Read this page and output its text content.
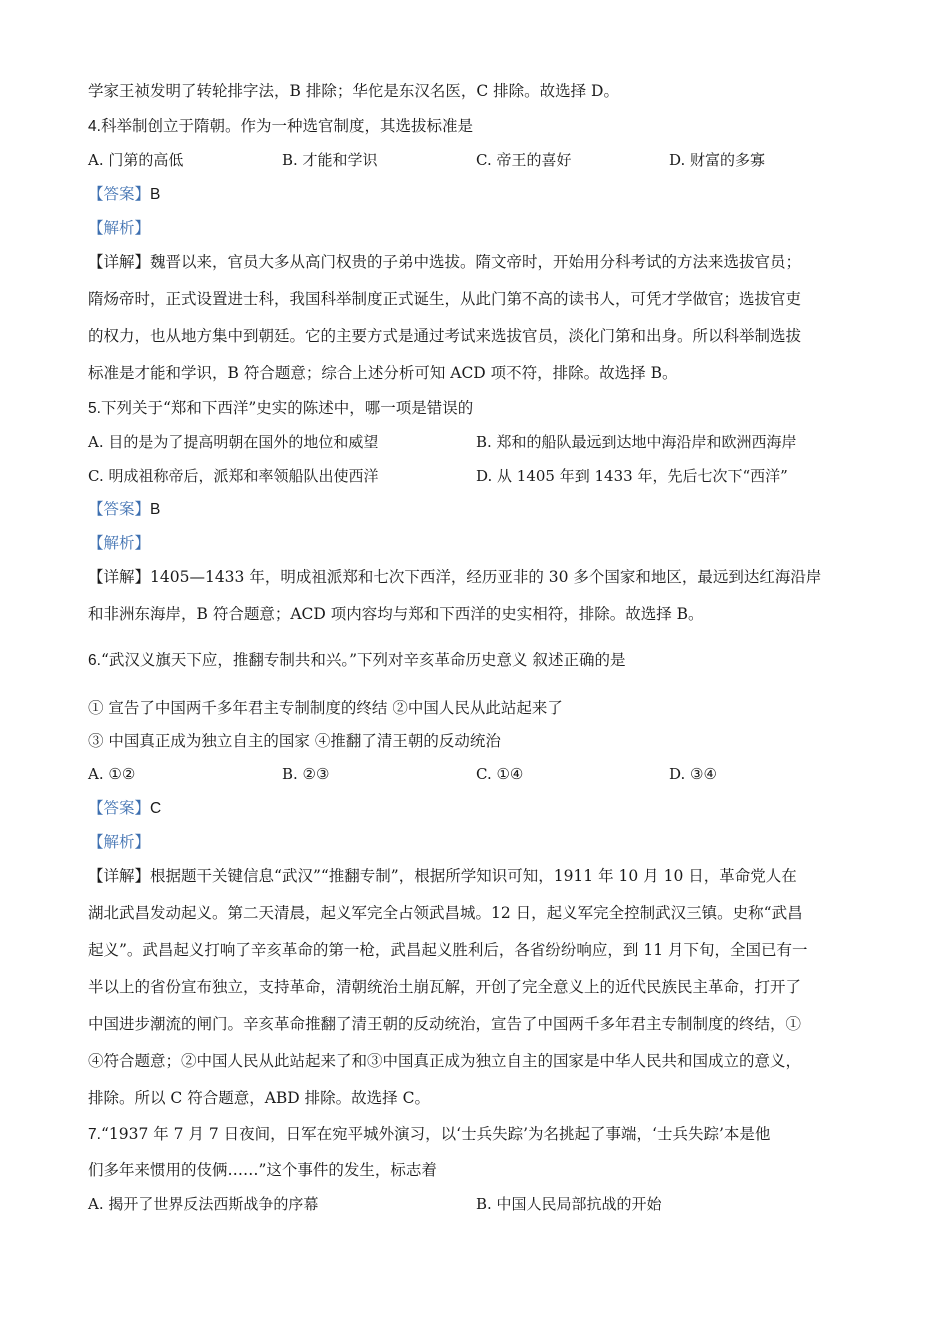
学家王祯发明了转轮排字法，B 排除；华佗是东汉名医，C 排除。故选择 D。
4.科举制创立于隋朝。作为一种选官制度，其选拔标准是
A. 门第的高低	B. 才能和学识	C. 帝王的喜好	D. 财富的多寡
【答案】B
【解析】
【详解】魏晋以来，官员大多从高门权贵的子弟中选拔。隋文帝时，开始用分科考试的方法来选拔官员；
隋炀帝时，正式设置进士科，我国科举制度正式诞生，从此门第不高的读书人，可凭才学做官；选拔官吏
的权力，也从地方集中到朝廷。它的主要方式是通过考试来选拔官员，淡化门第和出身。所以科举制选拔
标准是才能和学识，B 符合题意；综合上述分析可知 ACD 项不符，排除。故选择 B。
5.下列关于“郑和下西洋”史实的陈述中，哪一项是错误的
A. 目的是为了提高明朝在国外的地位和威望	B. 郑和的船队最远到达地中海沿岸和欧洲西海岸
C. 明成祖称帝后，派郑和率领船队出使西洋	D. 从 1405 年到 1433 年，先后七次下“西洋”
【答案】B
【解析】
【详解】1405—1433 年，明成祖派郑和七次下西洋，经历亚非的 30 多个国家和地区，最远到达红海沿岸
和非洲东海岸，B 符合题意；ACD 项内容均与郑和下西洋的史实相符，排除。故选择 B。
6.“武汉义旗天下应，推翻专制共和兴。”下列对辛亥革命历史意义 叙述正确的是
① 宣告了中国两千多年君主专制制度的终结 ②中国人民从此站起来了
③ 中国真正成为独立自主的国家 ④推翻了清王朝的反动统治
A. ①②	B. ②③	C. ①④	D. ③④
【答案】C
【解析】
【详解】根据题干关键信息“武汉”“推翻专制”，根据所学知识可知，1911 年 10 月 10 日，革命党人在
湖北武昌发动起义。第二天清晨，起义军完全占领武昌城。12 日，起义军完全控制武汉三镇。史称“武昌
起义”。武昌起义打响了辛亥革命的第一枪，武昌起义胜利后，各省纷纷响应，到 11 月下旬，全国已有一
半以上的省份宣布独立，支持革命，清朝统治土崩瓦解，开创了完全意义上的近代民族民主革命，打开了
中国进步潮流的闸门。辛亥革命推翻了清王朝的反动统治，宣告了中国两千多年君主专制制度的终结，①
④符合题意；②中国人民从此站起来了和③中国真正成为独立自主的国家是中华人民共和国成立的意义，
排除。所以 C 符合题意，ABD 排除。故选择 C。
7.“1937 年 7 月 7 日夜间，日军在宛平城外演习，以‘士兵失踪’为名挑起了事端，‘士兵失踪’本是他
们多年来惯用的伎俩……”这个事件的发生，标志着
A. 揭开了世界反法西斯战争的序幕	B. 中国人民局部抗战的开始
